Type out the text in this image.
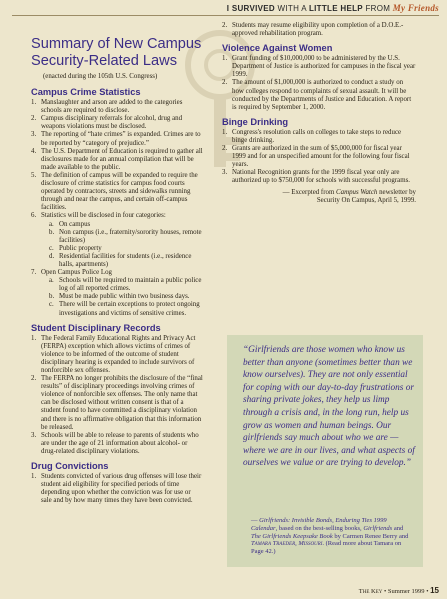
I SURVIVED WITH A LITTLE HELP FROM My Friends
Summary of New Campus Security-Related Laws
(enacted during the 105th U.S. Congress)
Campus Crime Statistics
1. Manslaughter and arson are added to the categories schools are required to disclose.
2. Campus disciplinary referrals for alcohol, drug and weapons violations must be disclosed.
3. The reporting of “hate crimes” is expanded. Crimes are to be reported by “category of prejudice.”
4. The U.S. Department of Education is required to gather all disclosures made for an annual compilation that will be made available to the public.
5. The definition of campus will be expanded to require the disclosure of crime statistics for campus food courts operated by contractors, streets and sidewalks running through and near the campus, and certain off-campus facilities.
6. Statistics will be disclosed in four categories:
a. On campus
b. Non campus (i.e., fraternity/sorority houses, remote facilities)
c. Public property
d. Residential facilities for students (i.e., residence halls, apartments)
7. Open Campus Police Log
a. Schools will be required to maintain a public police log of all reported crimes.
b. Must be made public within two business days.
c. There will be certain exceptions to protect ongoing investigations and victims of sensitive crimes.
Student Disciplinary Records
1. The Federal Family Educational Rights and Privacy Act (FERPA) exception which allows victims of crimes of violence to be informed of the outcome of student disciplinary hearing is expanded to include survivors of nonforcible sex offenses.
2. The FERPA no longer prohibits the disclosure of the “final results” of disciplinary proceedings involving crimes of violence of nonforcible sex offenses. The only name that can be disclosed without written consent is that of a student found to have committed a disciplinary violation and there is no affirmative obligation that this information be released.
3. Schools will be able to release to parents of students who are under the age of 21 information about alcohol- or drug-related disciplinary violations.
Drug Convictions
1. Students convicted of various drug offenses will lose their student aid eligibility for specified periods of time depending upon whether the conviction was for use or sale and by how many times they have been convicted.
2. Students may resume eligibility upon completion of a D.O.E.-approved rehabilitation program.
Violence Against Women
1. Grant funding of $10,000,000 to be administered by the U.S. Department of Justice is authorized for campuses in the fiscal year 1999.
2. The amount of $1,000,000 is authorized to conduct a study on how colleges respond to complaints of sexual assault. It will be conducted by the Departments of Justice and Education. A report is required by September 1, 2000.
Binge Drinking
1. Congress's resolution calls on colleges to take steps to reduce binge drinking.
2. Grants are authorized in the sum of $5,000,000 for fiscal year 1999 and for an unspecified amount for the following four fiscal years.
3. National Recognition grants for the 1999 fiscal year only are authorized up to $750,000 for schools with successful programs.
— Excerpted from Campus Watch newsletter by
Security On Campus, April 5, 1999.
“Girlfriends are those women who know us better than anyone (sometimes better than we know ourselves). They are not only essential for coping with our day-to-day frustrations or sharing private jokes, they help us limp through a crisis and, in the long run, help us grow as women and human beings. Our girlfriends say much about who we are — where we are in our lives, and what aspects of ourselves we value or are trying to develop.”
— Girlfriends: Invisible Bonds, Enduring Ties 1999 Calendar, based on the best-selling books, Girlfriends and The Girlfriends Keepsake Book by Carmen Renee Berry and Tamara Traeder, Missouri. (Read more about Tamara on Page 42.)
The Key • Summer 1999 • 15
